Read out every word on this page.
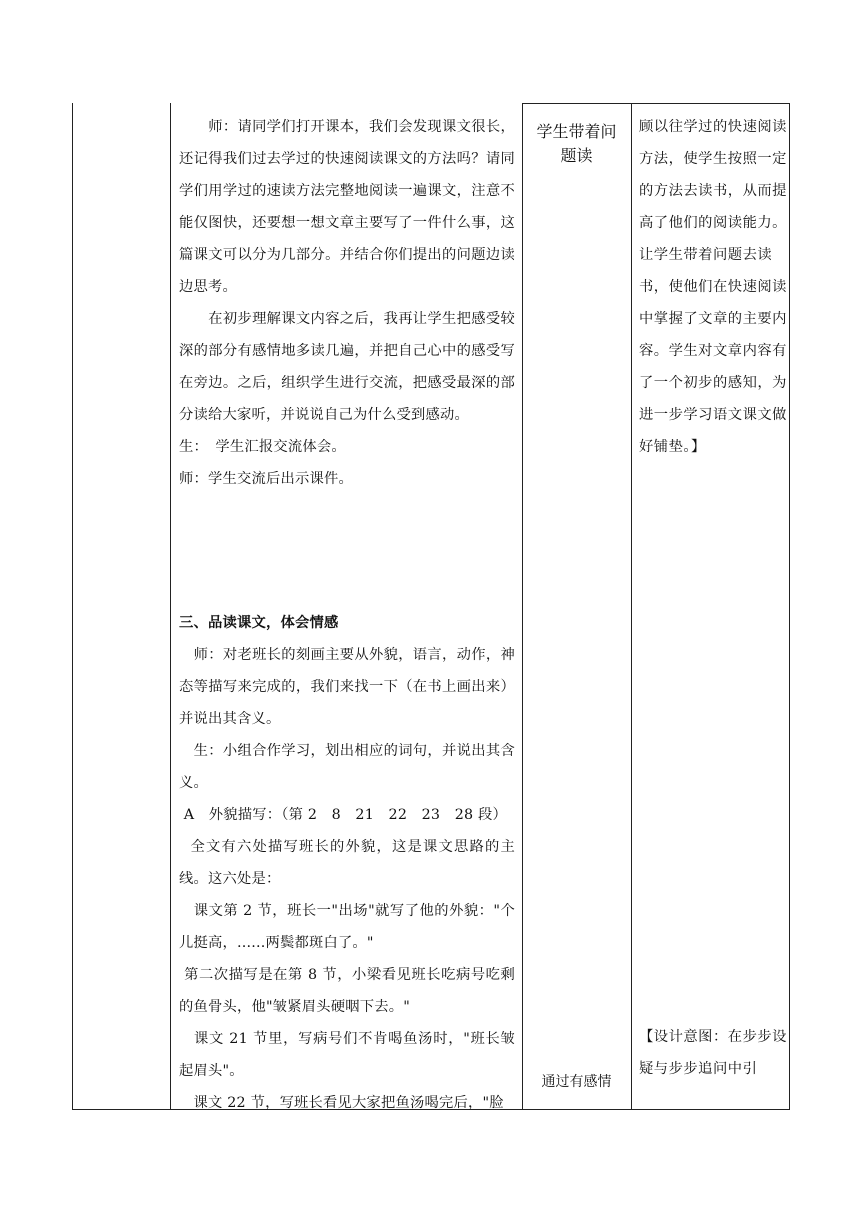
　　师：请同学们打开课本，我们会发现课文很长，还记得我们过去学过的快速阅读课文的方法吗？请同学们用学过的速读方法完整地阅读一遍课文，注意不能仅图快，还要想一想文章主要写了一件什么事，这篇课文可以分为几部分。并结合你们提出的问题边读边思考。

　　在初步理解课文内容之后，我再让学生把感受较深的部分有感情地多读几遍，并把自己心中的感受写在旁边。之后，组织学生进行交流，把感受最深的部分读给大家听，并说说自己为什么受到感动。

生：　学生汇报交流体会。

师：学生交流后出示课件。

三、品读课文，体会情感

　师：对老班长的刻画主要从外貌，语言，动作，神态等描写来完成的，我们来找一下（在书上画出来）并说出其含义。

　生：小组合作学习，划出相应的词句，并说出其含义。

A　外貌描写：（第 2　8　21　22　23　28 段）

全文有六处描写班长的外貌，这是课文思路的主线。这六处是：

　课文第 2 节，班长一"出场"就写了他的外貌："个儿挺高，......两鬓都斑白了。"

第二次描写是在第 8 节，小梁看见班长吃病号吃剩的鱼骨头，他"皱紧眉头硬咽下去。"

　课文 21 节里，写病号们不肯喝鱼汤时，"班长皱起眉头"。

　课文 22 节，写班长看见大家把鱼汤喝完后，"脸

学生带着问题读
通过有感情

顾以往学过的快速阅读方法，使学生按照一定的方法去读书，从而提高了他们的阅读能力。让学生带着问题去读书，使他们在快速阅读中掌握了文章的主要内容。学生对文章内容有了一个初步的感知，为进一步学习语文课文做好铺垫。】

【设计意图：在步步设疑与步步追问中引
